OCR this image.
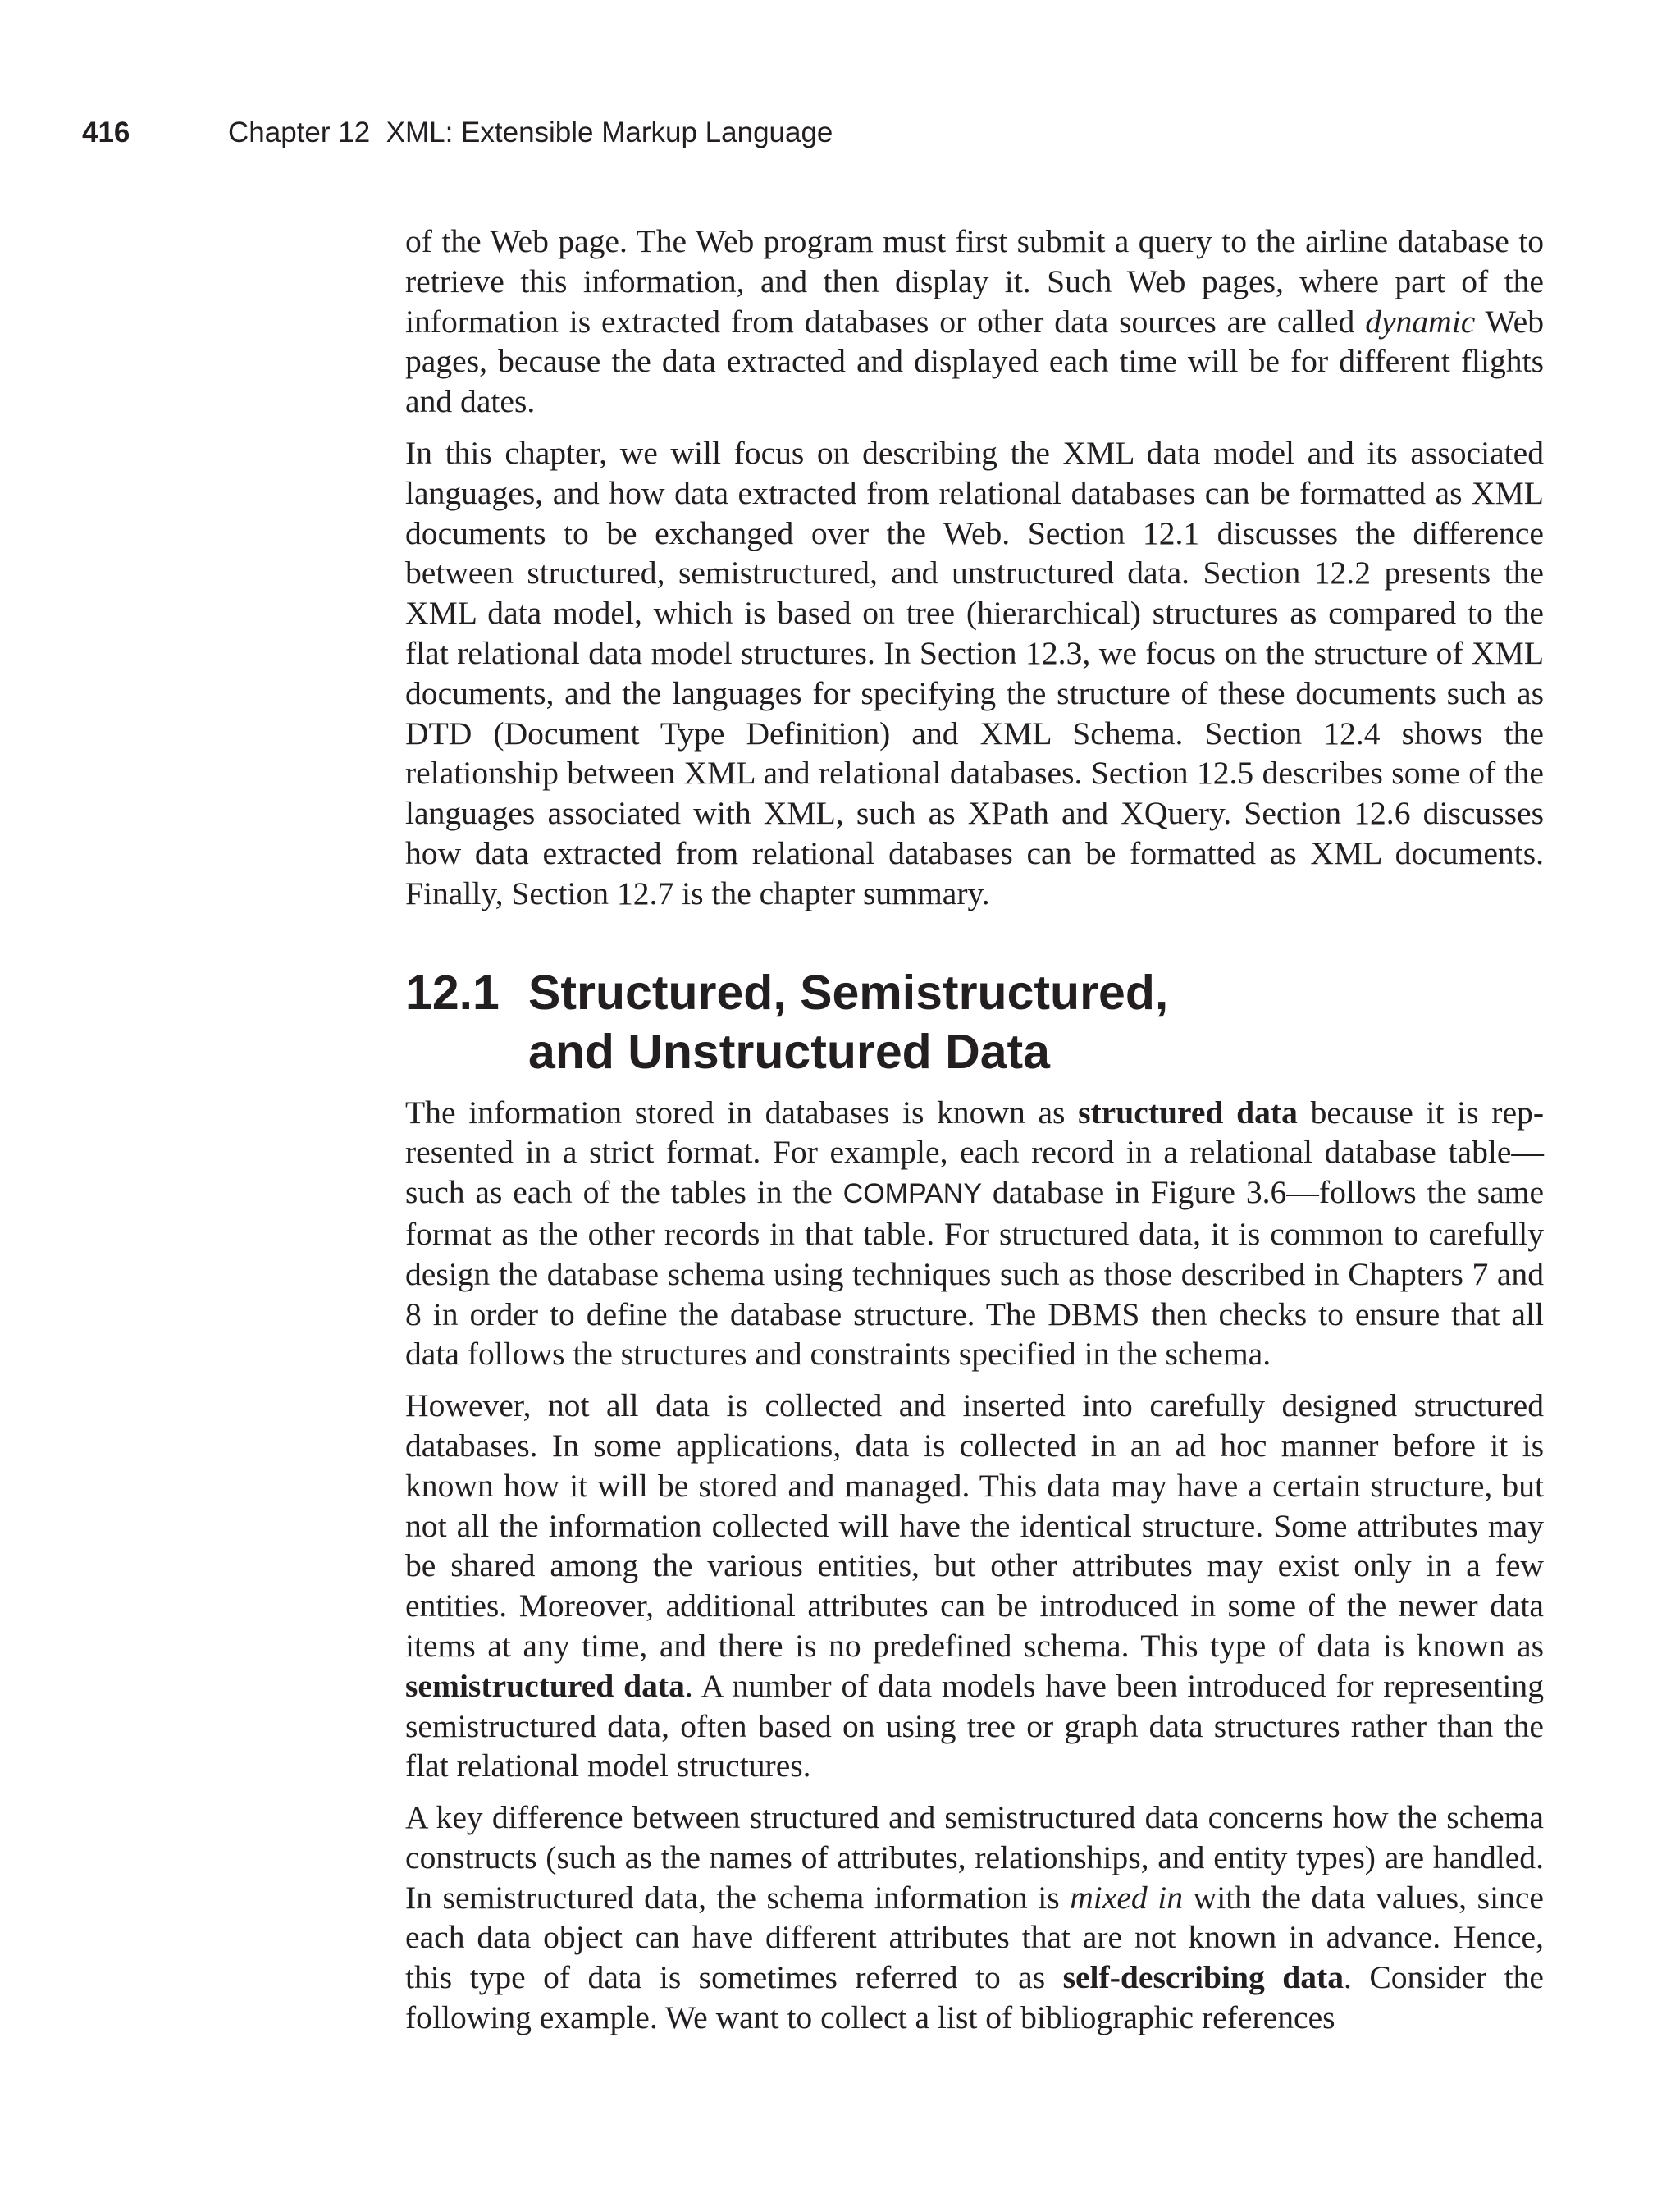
416	Chapter 12  XML: Extensible Markup Language

of the Web page. The Web program must first submit a query to the airline database to retrieve this information, and then display it. Such Web pages, where part of the information is extracted from databases or other data sources are called dynamic Web pages, because the data extracted and displayed each time will be for different flights and dates.

In this chapter, we will focus on describing the XML data model and its associated languages, and how data extracted from relational databases can be formatted as XML documents to be exchanged over the Web. Section 12.1 discusses the difference between structured, semistructured, and unstructured data. Section 12.2 presents the XML data model, which is based on tree (hierarchical) structures as compared to the flat relational data model structures. In Section 12.3, we focus on the structure of XML documents, and the languages for specifying the structure of these documents such as DTD (Document Type Definition) and XML Schema. Section 12.4 shows the relationship between XML and relational databases. Section 12.5 describes some of the languages associated with XML, such as XPath and XQuery. Section 12.6 discusses how data extracted from relational databases can be formatted as XML documents. Finally, Section 12.7 is the chapter summary.

12.1 Structured, Semistructured,
and Unstructured Data

The information stored in databases is known as structured data because it is represented in a strict format. For example, each record in a relational database table—such as each of the tables in the COMPANY database in Figure 3.6—follows the same format as the other records in that table. For structured data, it is common to carefully design the database schema using techniques such as those described in Chapters 7 and 8 in order to define the database structure. The DBMS then checks to ensure that all data follows the structures and constraints specified in the schema.

However, not all data is collected and inserted into carefully designed structured databases. In some applications, data is collected in an ad hoc manner before it is known how it will be stored and managed. This data may have a certain structure, but not all the information collected will have the identical structure. Some attributes may be shared among the various entities, but other attributes may exist only in a few entities. Moreover, additional attributes can be introduced in some of the newer data items at any time, and there is no predefined schema. This type of data is known as semistructured data. A number of data models have been introduced for representing semistructured data, often based on using tree or graph data structures rather than the flat relational model structures.

A key difference between structured and semistructured data concerns how the schema constructs (such as the names of attributes, relationships, and entity types) are handled. In semistructured data, the schema information is mixed in with the data values, since each data object can have different attributes that are not known in advance. Hence, this type of data is sometimes referred to as self-describing data. Consider the following example. We want to collect a list of bibliographic references
